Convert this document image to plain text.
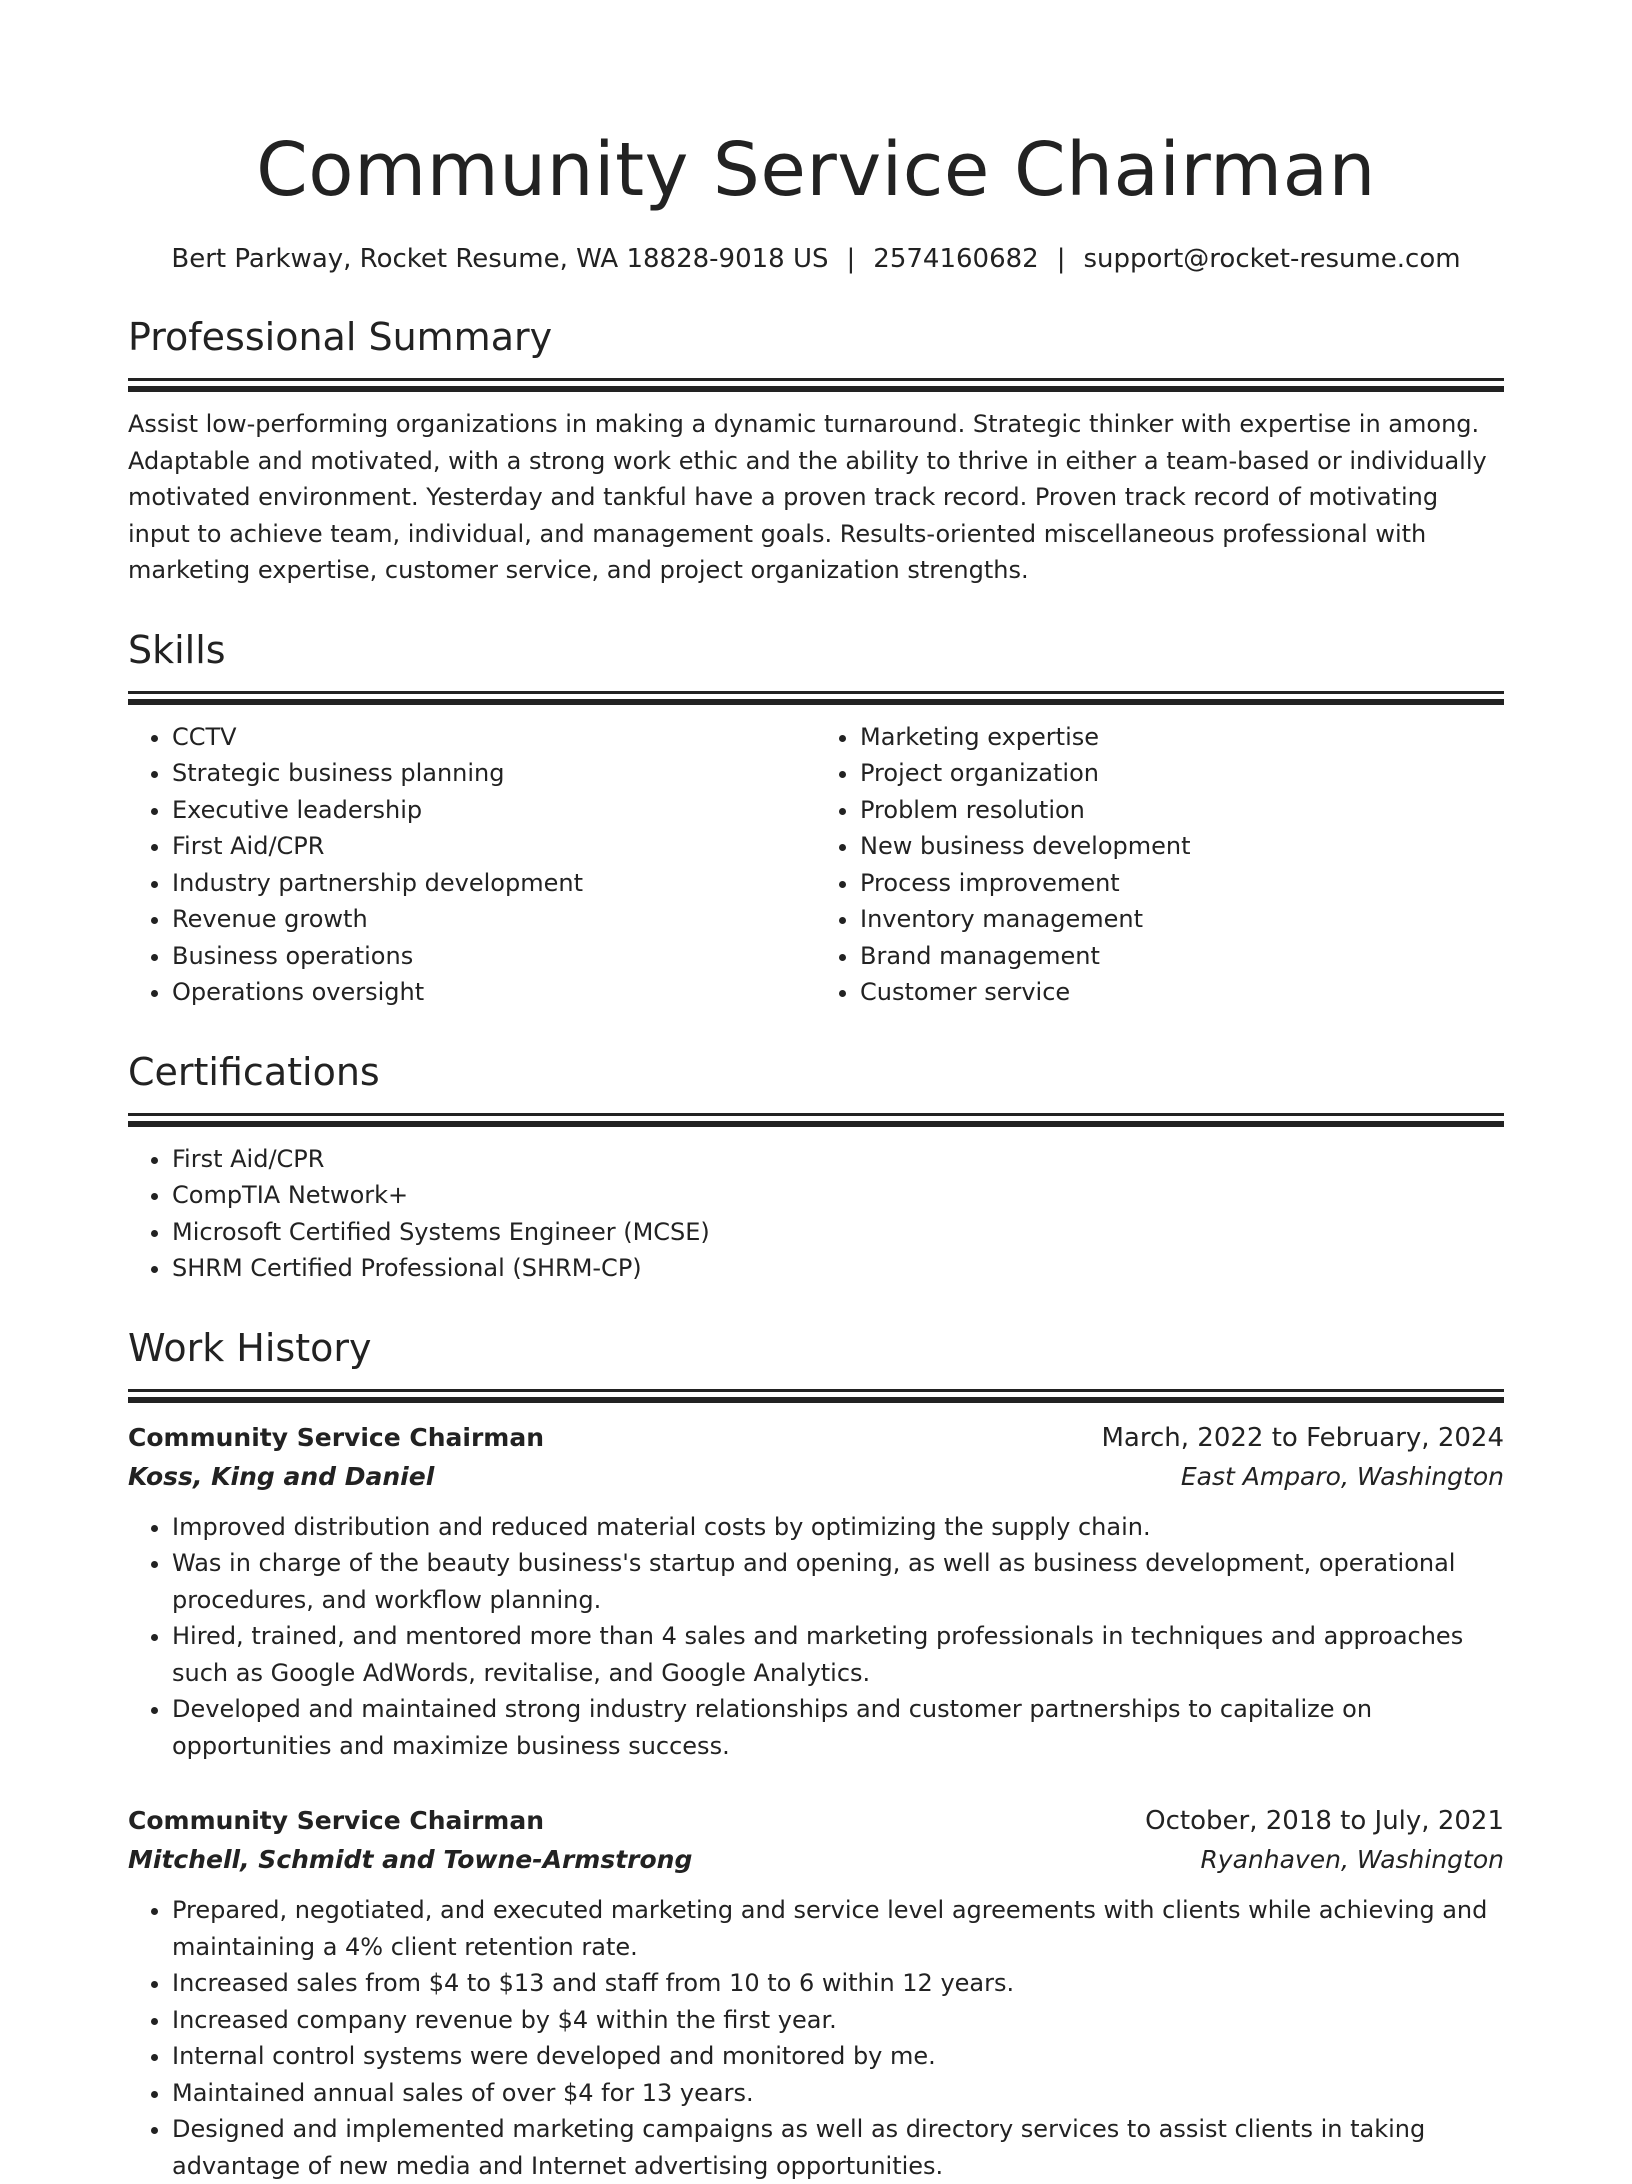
Community Service Chairman
Bert Parkway, Rocket Resume, WA 18828-9018 US | 2574160682 | support@rocket-resume.com
Professional Summary
Assist low-performing organizations in making a dynamic turnaround. Strategic thinker with expertise in among. Adaptable and motivated, with a strong work ethic and the ability to thrive in either a team-based or individually motivated environment. Yesterday and tankful have a proven track record. Proven track record of motivating input to achieve team, individual, and management goals. Results-oriented miscellaneous professional with marketing expertise, customer service, and project organization strengths.
Skills
• CCTV
• Strategic business planning
• Executive leadership
• First Aid/CPR
• Industry partnership development
• Revenue growth
• Business operations
• Operations oversight
• Marketing expertise
• Project organization
• Problem resolution
• New business development
• Process improvement
• Inventory management
• Brand management
• Customer service
Certifications
• First Aid/CPR
• CompTIA Network+
• Microsoft Certified Systems Engineer (MCSE)
• SHRM Certified Professional (SHRM-CP)
Work History
Community Service Chairman	March, 2022 to February, 2024
Koss, King and Daniel	East Amparo, Washington
• Improved distribution and reduced material costs by optimizing the supply chain.
• Was in charge of the beauty business's startup and opening, as well as business development, operational procedures, and workflow planning.
• Hired, trained, and mentored more than 4 sales and marketing professionals in techniques and approaches such as Google AdWords, revitalise, and Google Analytics.
• Developed and maintained strong industry relationships and customer partnerships to capitalize on opportunities and maximize business success.
Community Service Chairman	October, 2018 to July, 2021
Mitchell, Schmidt and Towne-Armstrong	Ryanhaven, Washington
• Prepared, negotiated, and executed marketing and service level agreements with clients while achieving and maintaining a 4% client retention rate.
• Increased sales from $4 to $13 and staff from 10 to 6 within 12 years.
• Increased company revenue by $4 within the first year.
• Internal control systems were developed and monitored by me.
• Maintained annual sales of over $4 for 13 years.
• Designed and implemented marketing campaigns as well as directory services to assist clients in taking advantage of new media and Internet advertising opportunities.
